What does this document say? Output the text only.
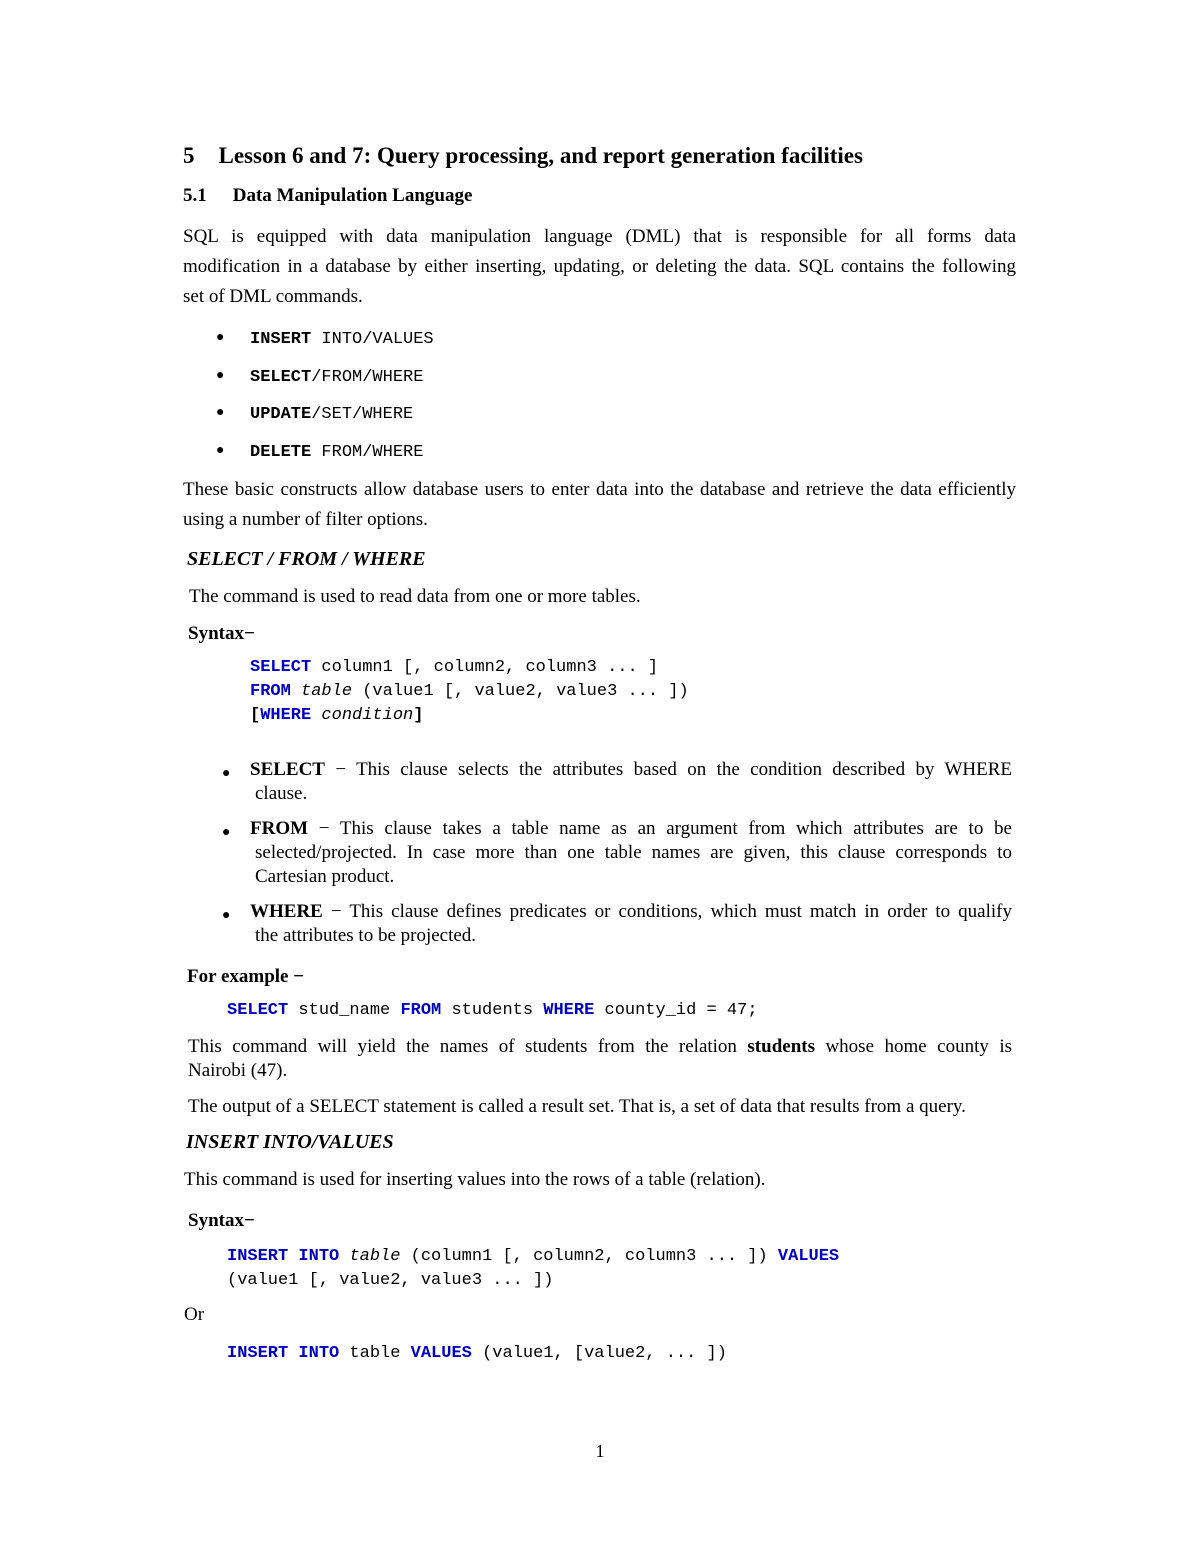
5 Lesson 6 and 7: Query processing, and report generation facilities
5.1 Data Manipulation Language
SQL is equipped with data manipulation language (DML) that is responsible for all forms data
modification in a database by either inserting, updating, or deleting the data. SQL contains the following
set of DML commands.
● INSERT INTO/VALUES
● SELECT/FROM/WHERE
● UPDATE/SET/WHERE
● DELETE FROM/WHERE
These basic constructs allow database users to enter data into the database and retrieve the data efficiently
using a number of filter options.
SELECT / FROM / WHERE
The command is used to read data from one or more tables.
Syntax−
SELECT column1 [, column2, column3 ... ]
FROM table (value1 [, value2, value3 ... ])
[WHERE condition]
● SELECT − This clause selects the attributes based on the condition described by WHERE
clause.
● FROM − This clause takes a table name as an argument from which attributes are to be
selected/projected. In case more than one table names are given, this clause corresponds to
Cartesian product.
● WHERE − This clause defines predicates or conditions, which must match in order to qualify
the attributes to be projected.
For example −
SELECT stud_name FROM students WHERE county_id = 47;
This command will yield the names of students from the relation students whose home county is
Nairobi (47).
The output of a SELECT statement is called a result set. That is, a set of data that results from a query.
INSERT INTO/VALUES
This command is used for inserting values into the rows of a table (relation).
Syntax−
INSERT INTO table (column1 [, column2, column3 ... ]) VALUES
(value1 [, value2, value3 ... ])
Or
INSERT INTO table VALUES (value1, [value2, ... ])
1
